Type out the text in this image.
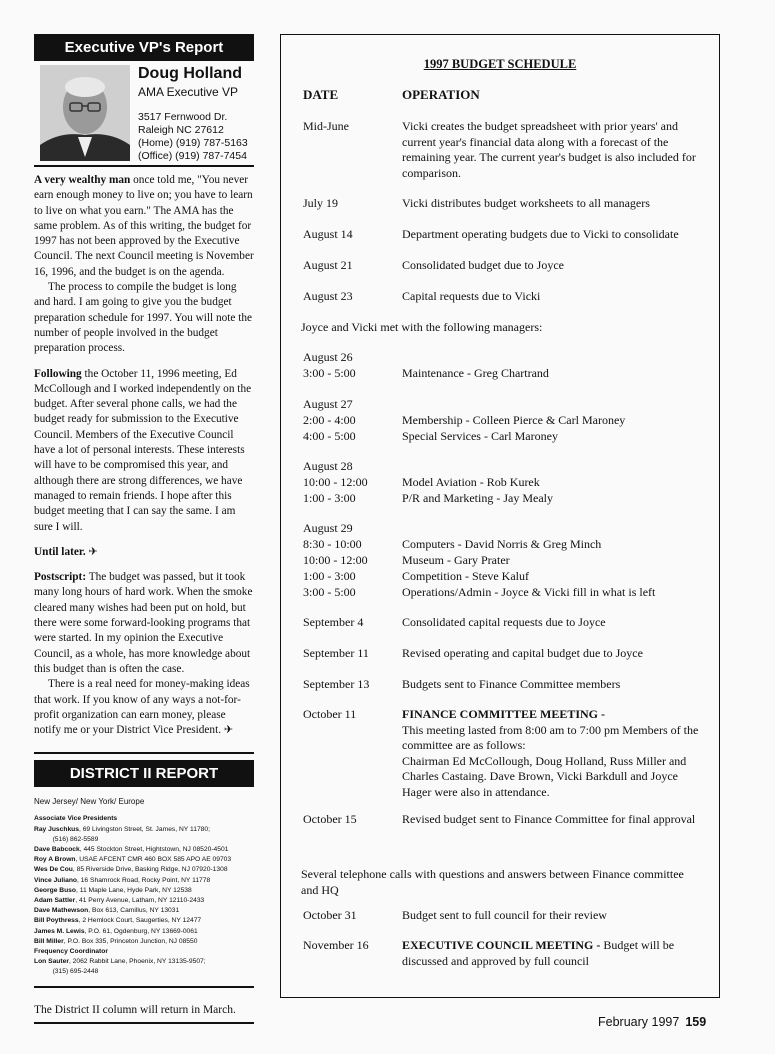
Executive VP's Report
Doug Holland
AMA Executive VP
3517 Fernwood Dr.
Raleigh NC 27612
(Home) (919) 787-5163
(Office) (919) 787-7454

A very wealthy man once told me, "You never earn enough money to live on; you have to learn to live on what you earn." The AMA has the same problem. As of this writing, the budget for 1997 has not been approved by the Executive Council. The next Council meeting is November 16, 1996, and the budget is on the agenda.

The process to compile the budget is long and hard. I am going to give you the budget preparation schedule for 1997. You will note the number of people involved in the budget preparation process.

Following the October 11, 1996 meeting, Ed McCollough and I worked independently on the budget. After several phone calls, we had the budget ready for submission to the Executive Council. Members of the Executive Council have a lot of personal interests. These interests will have to be compromised this year, and although there are strong differences, we have managed to remain friends. I hope after this budget meeting that I can say the same. I am sure I will.

Until later. ✈

Postscript: The budget was passed, but it took many long hours of hard work. When the smoke cleared many wishes had been put on hold, but there were some forward-looking programs that were started. In my opinion the Executive Council, as a whole, has more knowledge about this budget than is often the case.

There is a real need for money-making ideas that work. If you know of any ways a not-for-profit organization can earn money, please notify me or your District Vice President. ✈

DISTRICT II REPORT
New Jersey/ New York/ Europe
Associate Vice Presidents
Ray Juschkus, 69 Livingston Street, St. James, NY 11780;
(516) 862-5589
Dave Babcock, 445 Stockton Street, Hightstown, NJ 08520-4501
Roy A Brown, USAE AFCENT CMR 460 BOX 585 APO AE 09703
Wes De Cou, 85 Riverside Drive, Basking Ridge, NJ 07920-1308
Vince Juliano, 16 Shamrock Road, Rocky Point, NY 11778
George Buso, 11 Maple Lane, Hyde Park, NY 12538
Adam Sattler, 41 Perry Avenue, Latham, NY 12110-2433
Dave Mathewson, Box 613, Camillus, NY 13031
Bill Poythress, 2 Hemlock Court, Saugerties, NY 12477
James M. Lewis, P.O. 61, Ogdenburg, NY 13669-0061
Bill Miller, P.O. Box 335, Princeton Junction, NJ 08550
Frequency Coordinator
Lon Sauter, 2062 Rabbit Lane, Phoenix, NY 13135-9507;
(315) 695-2448
The District II column will return in March.
1997 BUDGET SCHEDULE
DATE	OPERATION
Mid-June	Vicki creates the budget spreadsheet with prior years' and current year's financial data along with a forecast of the remaining year. The current year's budget is also included for comparison.
July 19	Vicki distributes budget worksheets to all managers
August 14	Department operating budgets due to Vicki to consolidate
August 21	Consolidated budget due to Joyce
August 23	Capital requests due to Vicki
Joyce and Vicki met with the following managers:
August 26
3:00 - 5:00	Maintenance - Greg Chartrand
August 27
2:00 - 4:00	Membership - Colleen Pierce & Carl Maroney
4:00 - 5:00	Special Services - Carl Maroney
August 28
10:00 - 12:00	Model Aviation - Rob Kurek
1:00 - 3:00	P/R and Marketing - Jay Mealy
August 29
8:30 - 10:00	Computers - David Norris & Greg Minch
10:00 - 12:00	Museum - Gary Prater
1:00 - 3:00	Competition - Steve Kaluf
3:00 - 5:00	Operations/Admin - Joyce & Vicki fill in what is left
September 4	Consolidated capital requests due to Joyce
September 11	Revised operating and capital budget due to Joyce
September 13	Budgets sent to Finance Committee members
October 11	FINANCE COMMITTEE MEETING -
This meeting lasted from 8:00 am to 7:00 pm Members of the committee are as follows:
Chairman Ed McCollough, Doug Holland, Russ Miller and Charles Castaing. Dave Brown, Vicki Barkdull and Joyce Hager were also in attendance.
October 15	Revised budget sent to Finance Committee for final approval
Several telephone calls with questions and answers between Finance committee and HQ
October 31	Budget sent to full council for their review
November 16	EXECUTIVE COUNCIL MEETING - Budget will be discussed and approved by full council
February 1997 159
